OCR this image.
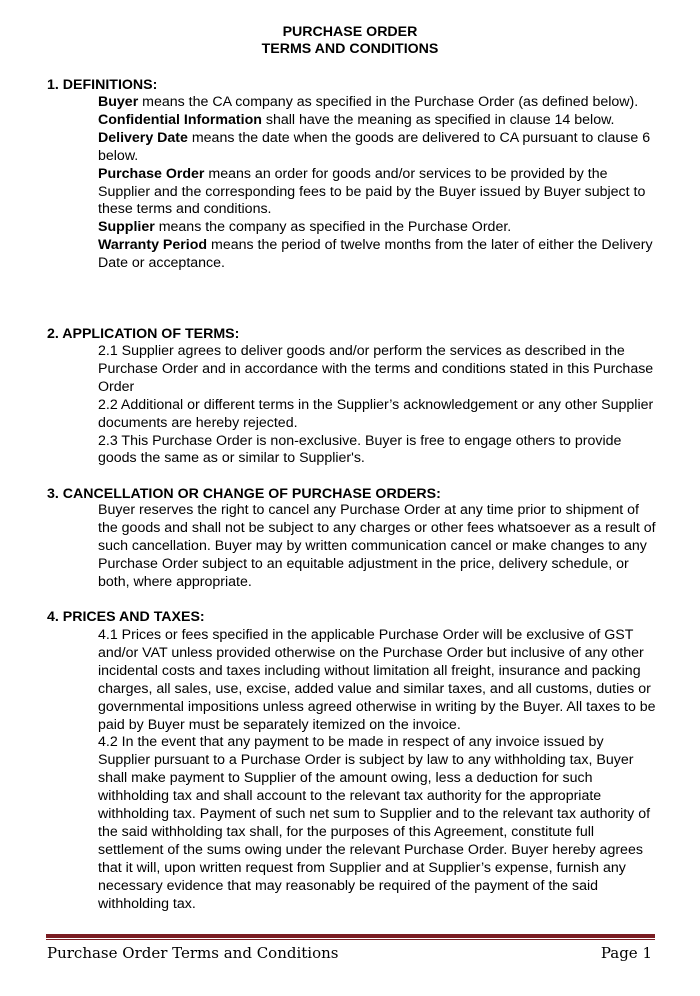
PURCHASE ORDER
TERMS AND CONDITIONS
1. DEFINITIONS:

Buyer means the CA company as specified in the Purchase Order (as defined below).

Confidential Information shall have the meaning as specified in clause 14 below.

Delivery Date means the date when the goods are delivered to CA pursuant to clause 6 below.

Purchase Order means an order for goods and/or services to be provided by the Supplier and the corresponding fees to be paid by the Buyer issued by Buyer subject to these terms and conditions.

Supplier means the company as specified in the Purchase Order.

Warranty Period means the period of twelve months from the later of either the Delivery Date or acceptance.

2. APPLICATION OF TERMS:

2.1 Supplier agrees to deliver goods and/or perform the services as described in the Purchase Order and in accordance with the terms and conditions stated in this Purchase Order

2.2 Additional or different terms in the Supplier’s acknowledgement or any other Supplier documents are hereby rejected.

2.3 This Purchase Order is non-exclusive. Buyer is free to engage others to provide goods the same as or similar to Supplier's.

3. CANCELLATION OR CHANGE OF PURCHASE ORDERS:

Buyer reserves the right to cancel any Purchase Order at any time prior to shipment of the goods and shall not be subject to any charges or other fees whatsoever as a result of such cancellation. Buyer may by written communication cancel or make changes to any Purchase Order subject to an equitable adjustment in the price, delivery schedule, or both, where appropriate.

4. PRICES AND TAXES:

4.1 Prices or fees specified in the applicable Purchase Order will be exclusive of GST and/or VAT unless provided otherwise on the Purchase Order but inclusive of any other incidental costs and taxes including without limitation all freight, insurance and packing charges, all sales, use, excise, added value and similar taxes, and all customs, duties or governmental impositions unless agreed otherwise in writing by the Buyer. All taxes to be paid by Buyer must be separately itemized on the invoice.

4.2 In the event that any payment to be made in respect of any invoice issued by Supplier pursuant to a Purchase Order is subject by law to any withholding tax, Buyer shall make payment to Supplier of the amount owing, less a deduction for such withholding tax and shall account to the relevant tax authority for the appropriate withholding tax. Payment of such net sum to Supplier and to the relevant tax authority of the said withholding tax shall, for the purposes of this Agreement, constitute full settlement of the sums owing under the relevant Purchase Order. Buyer hereby agrees that it will, upon written request from Supplier and at Supplier’s expense, furnish any necessary evidence that may reasonably be required of the payment of the said withholding tax.

Purchase Order Terms and Conditions	Page 1
